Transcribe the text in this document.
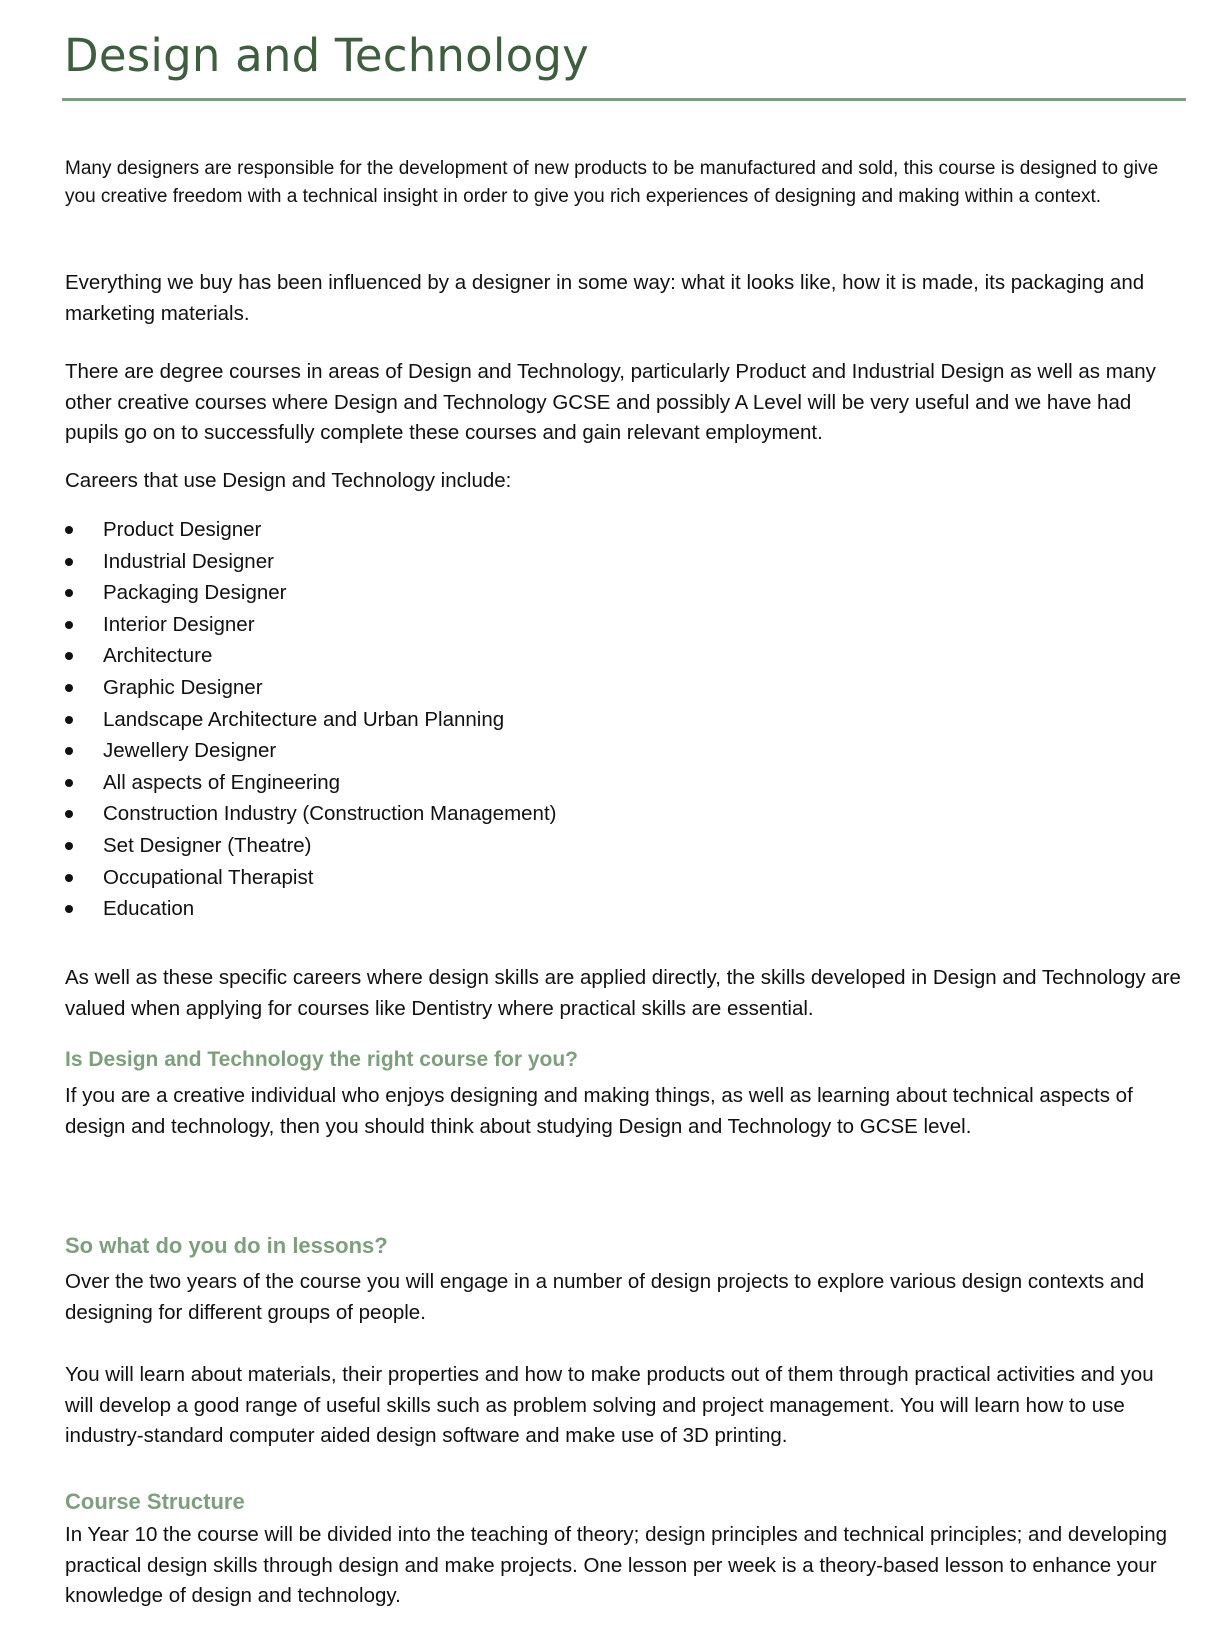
Design and Technology

Many designers are responsible for the development of new products to be manufactured and sold, this course is designed to give you creative freedom with a technical insight in order to give you rich experiences of designing and making within a context.

Everything we buy has been influenced by a designer in some way: what it looks like, how it is made, its packaging and marketing materials.

There are degree courses in areas of Design and Technology, particularly Product and Industrial Design as well as many other creative courses where Design and Technology GCSE and possibly A Level will be very useful and we have had pupils go on to successfully complete these courses and gain relevant employment.

Careers that use Design and Technology include:

Product Designer
Industrial Designer
Packaging Designer
Interior Designer
Architecture
Graphic Designer
Landscape Architecture and Urban Planning
Jewellery Designer
All aspects of Engineering
Construction Industry (Construction Management)
Set Designer (Theatre)
Occupational Therapist
Education

As well as these specific careers where design skills are applied directly, the skills developed in Design and Technology are valued when applying for courses like Dentistry where practical skills are essential.

Is Design and Technology the right course for you?

If you are a creative individual who enjoys designing and making things, as well as learning about technical aspects of design and technology, then you should think about studying Design and Technology to GCSE level.

So what do you do in lessons?

Over the two years of the course you will engage in a number of design projects to explore various design contexts and designing for different groups of people.

You will learn about materials, their properties and how to make products out of them through practical activities and you will develop a good range of useful skills such as problem solving and project management. You will learn how to use industry-standard computer aided design software and make use of 3D printing.

Course Structure

In Year 10 the course will be divided into the teaching of theory; design principles and technical principles; and developing practical design skills through design and make projects. One lesson per week is a theory-based lesson to enhance your knowledge of design and technology.
